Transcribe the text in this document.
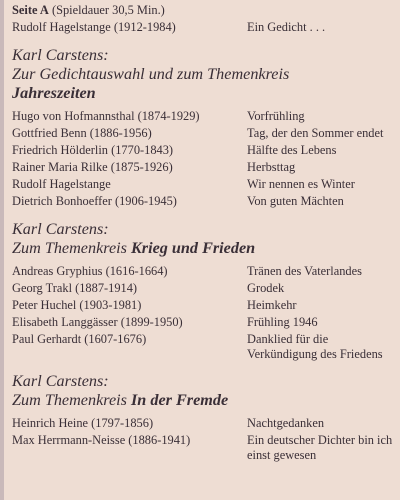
Seite A (Spieldauer 30,5 Min.)
Rudolf Hagelstange (1912-1984)	Ein Gedicht . . .
Karl Carstens:
Zur Gedichtauswahl und zum Themenkreis
Jahreszeiten
Hugo von Hofmannsthal (1874-1929)	Vorfrühling
Gottfried Benn (1886-1956)	Tag, der den Sommer endet
Friedrich Hölderlin (1770-1843)	Hälfte des Lebens
Rainer Maria Rilke (1875-1926)	Herbsttag
Rudolf Hagelstange	Wir nennen es Winter
Dietrich Bonhoeffer (1906-1945)	Von guten Mächten
Karl Carstens:
Zum Themenkreis Krieg und Frieden
Andreas Gryphius (1616-1664)	Tränen des Vaterlandes
Georg Trakl (1887-1914)	Grodek
Peter Huchel (1903-1981)	Heimkehr
Elisabeth Langgässer (1899-1950)	Frühling 1946
Paul Gerhardt (1607-1676)	Danklied für die Verkündigung des Friedens
Karl Carstens:
Zum Themenkreis In der Fremde
Heinrich Heine (1797-1856)	Nachtgedanken
Max Herrmann-Neisse (1886-1941)	Ein deutscher Dichter bin ich einst gewesen
